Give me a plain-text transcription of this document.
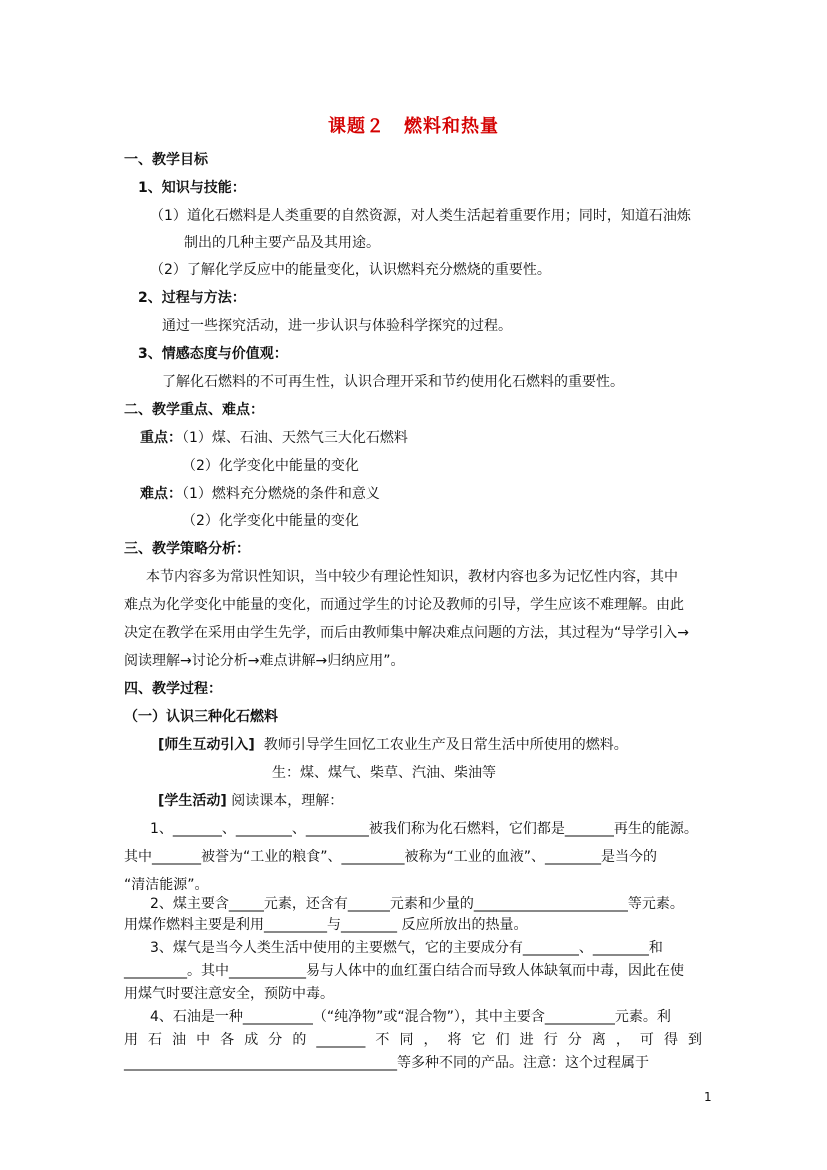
课题２　燃料和热量
一、教学目标
1、知识与技能：
（1）道化石燃料是人类重要的自然资源，对人类生活起着重要作用；同时，知道石油炼
制出的几种主要产品及其用途。
（2）了解化学反应中的能量变化，认识燃料充分燃烧的重要性。
2、过程与方法：
通过一些探究活动，进一步认识与体验科学探究的过程。
3、情感态度与价值观：
了解化石燃料的不可再生性，认识合理开采和节约使用化石燃料的重要性。
二、教学重点、难点：
重点：（1）煤、石油、天然气三大化石燃料
（2）化学变化中能量的变化
难点：（1）燃料充分燃烧的条件和意义
（2）化学变化中能量的变化
三、教学策略分析：
本节内容多为常识性知识，当中较少有理论性知识，教材内容也多为记忆性内容，其中
难点为化学变化中能量的变化，而通过学生的讨论及教师的引导，学生应该不难理解。由此
决定在教学在采用由学生先学，而后由教师集中解决难点问题的方法，其过程为“导学引入→
阅读理解→讨论分析→难点讲解→归纳应用”。
四、教学过程：
（一）认识三种化石燃料
[师生互动引入] 教师引导学生回忆工农业生产及日常生活中所使用的燃料。
生：煤、煤气、柴草、汽油、柴油等
[学生活动] 阅读课本，理解：
1、_______、________、_________被我们称为化石燃料，它们都是_______再生的能源。
其中_______被誉为“工业的粮食”、_________被称为“工业的血液”、________是当今的
“清洁能源”。
2、煤主要含_____元素，还含有______元素和少量的______________________等元素。
用煤作燃料主要是利用_________与________ 反应所放出的热量。
3、煤气是当今人类生活中使用的主要燃气，它的主要成分有________、________和
_________。其中___________易与人体中的血红蛋白结合而导致人体缺氧而中毒，因此在使
用煤气时要注意安全，预防中毒。
4、石油是一种__________（“纯净物”或“混合物”），其中主要含__________元素。利
用石油中各成分的_______不同，将它们进行分离，可得到
_______________________________________等多种不同的产品。注意：这个过程属于
1
